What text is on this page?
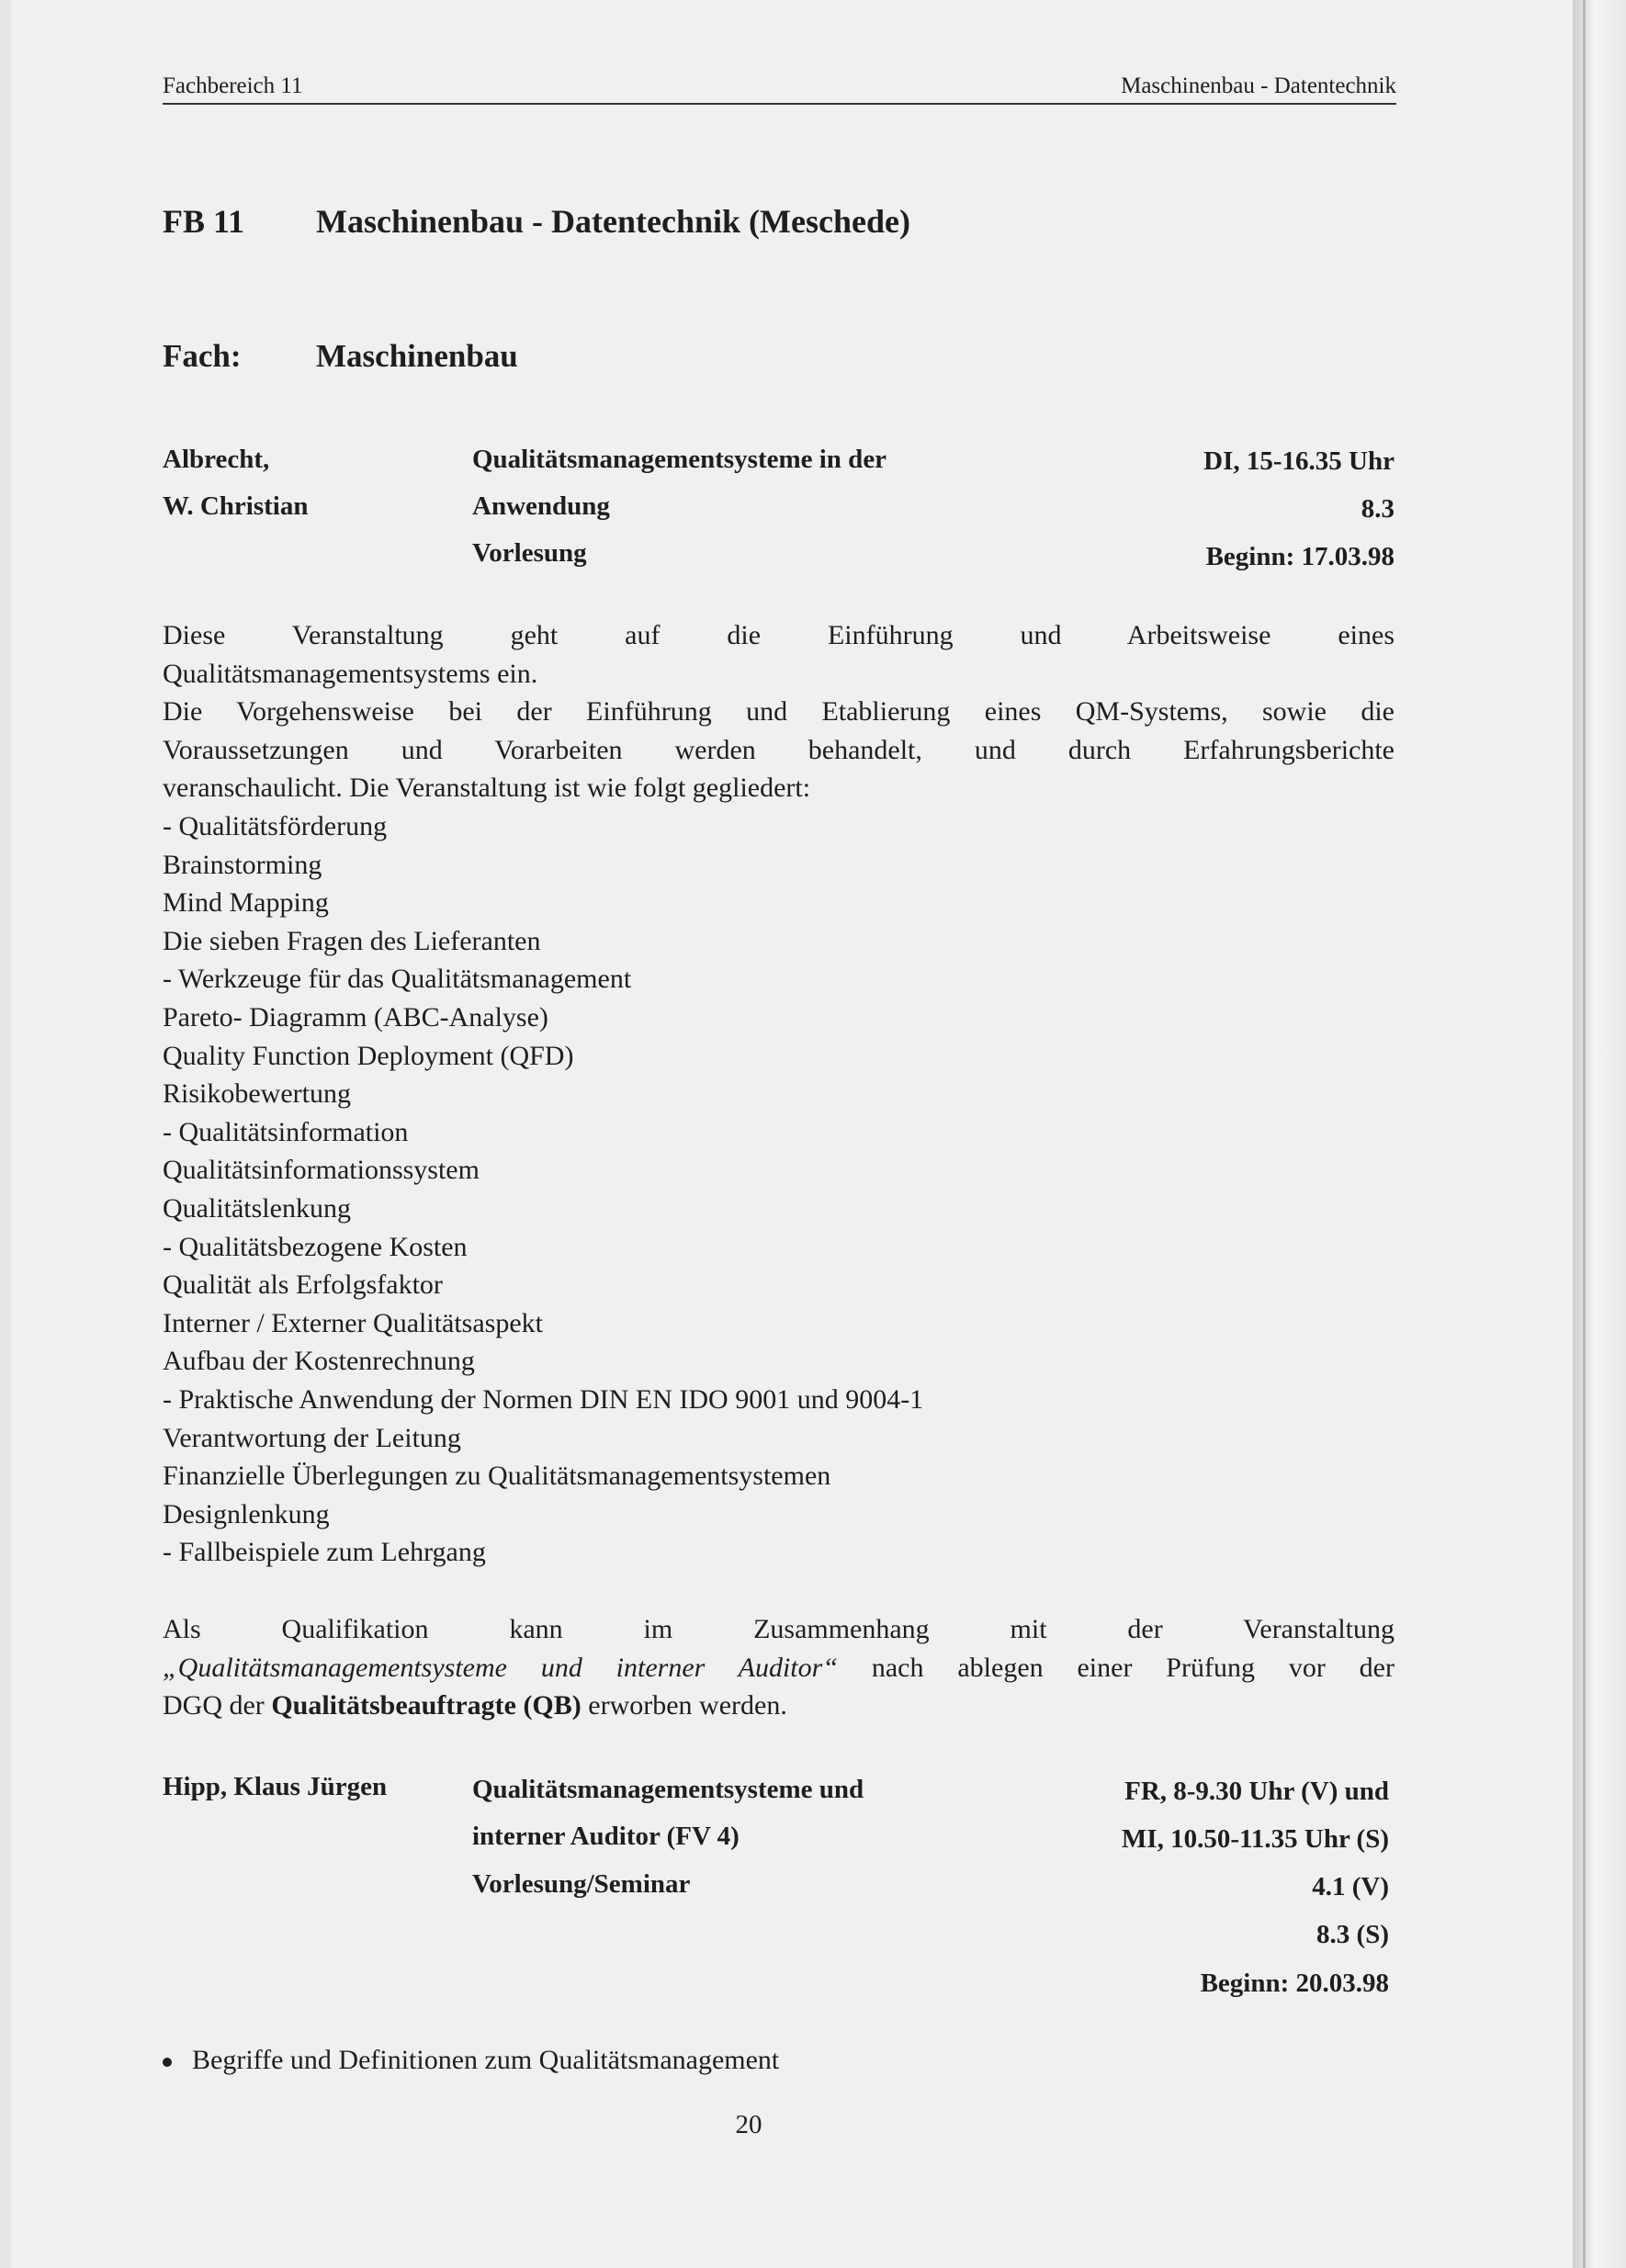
Fachbereich 11	Maschinenbau - Datentechnik
FB 11 Maschinenbau - Datentechnik (Meschede)
Fach: Maschinenbau
Albrecht,
W. Christian
Qualitätsmanagementsysteme in der
Anwendung
Vorlesung
DI, 15-16.35 Uhr
8.3
Beginn: 17.03.98
Diese Veranstaltung geht auf die Einführung und Arbeitsweise eines
Qualitätsmanagementsystems ein.
Die Vorgehensweise bei der Einführung und Etablierung eines QM-Systems, sowie die
Voraussetzungen und Vorarbeiten werden behandelt, und durch Erfahrungsberichte
veranschaulicht. Die Veranstaltung ist wie folgt gegliedert:
- Qualitätsförderung
Brainstorming
Mind Mapping
Die sieben Fragen des Lieferanten
- Werkzeuge für das Qualitätsmanagement
Pareto- Diagramm (ABC-Analyse)
Quality Function Deployment (QFD)
Risikobewertung
- Qualitätsinformation
Qualitätsinformationssystem
Qualitätslenkung
- Qualitätsbezogene Kosten
Qualität als Erfolgsfaktor
Interner / Externer Qualitätsaspekt
Aufbau der Kostenrechnung
- Praktische Anwendung der Normen DIN EN IDO 9001 und 9004-1
Verantwortung der Leitung
Finanzielle Überlegungen zu Qualitätsmanagementsystemen
Designlenkung
- Fallbeispiele zum Lehrgang
Als Qualifikation kann im Zusammenhang mit der Veranstaltung
„Qualitätsmanagementsysteme und interner Auditor“ nach ablegen einer Prüfung vor der
DGQ der Qualitätsbeauftragte (QB) erworben werden.
Hipp, Klaus Jürgen	Qualitätsmanagementsysteme und
interner Auditor (FV 4)
Vorlesung/Seminar
FR, 8-9.30 Uhr (V) und
MI, 10.50-11.35 Uhr (S)
4.1 (V)
8.3 (S)
Beginn: 20.03.98
Begriffe und Definitionen zum Qualitätsmanagement
20
